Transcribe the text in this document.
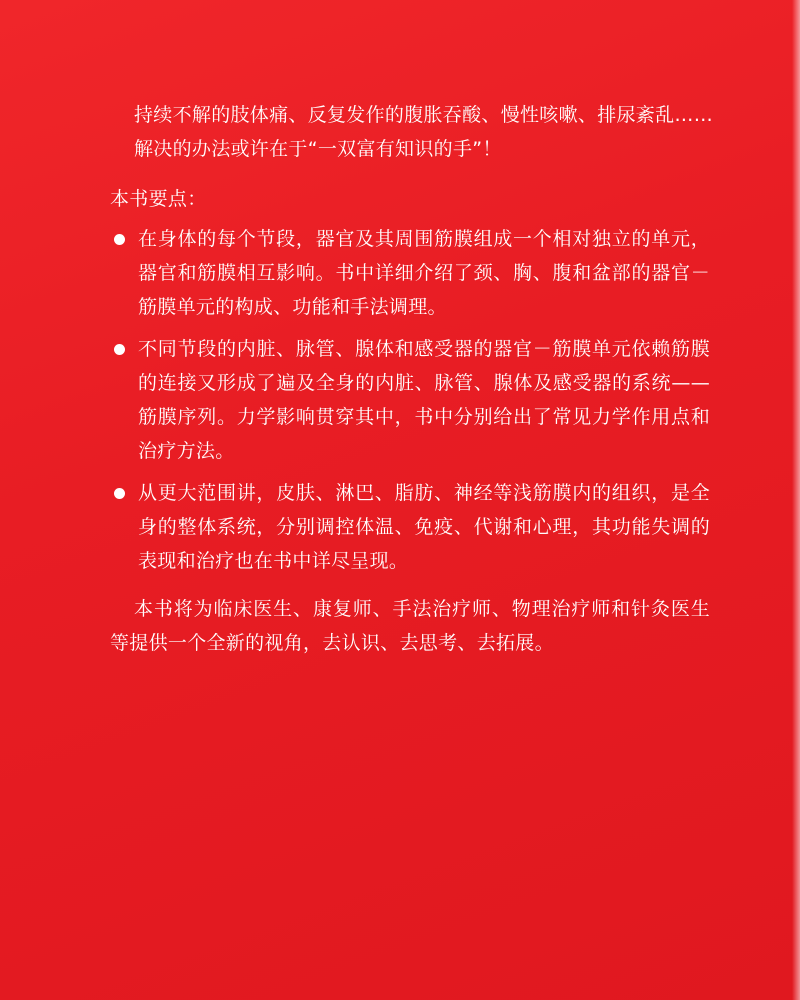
持续不解的肢体痛、反复发作的腹胀吞酸、慢性咳嗽、排尿紊乱……

解决的办法或许在于“一双富有知识的手”！

本书要点：

在身体的每个节段，器官及其周围筋膜组成一个相对独立的单元，器官和筋膜相互影响。书中详细介绍了颈、胸、腹和盆部的器官－筋膜单元的构成、功能和手法调理。
不同节段的内脏、脉管、腺体和感受器的器官－筋膜单元依赖筋膜的连接又形成了遍及全身的内脏、脉管、腺体及感受器的系统——筋膜序列。力学影响贯穿其中，书中分别给出了常见力学作用点和治疗方法。
从更大范围讲，皮肤、淋巴、脂肪、神经等浅筋膜内的组织，是全身的整体系统，分别调控体温、免疫、代谢和心理，其功能失调的表现和治疗也在书中详尽呈现。

本书将为临床医生、康复师、手法治疗师、物理治疗师和针灸医生等提供一个全新的视角，去认识、去思考、去拓展。
